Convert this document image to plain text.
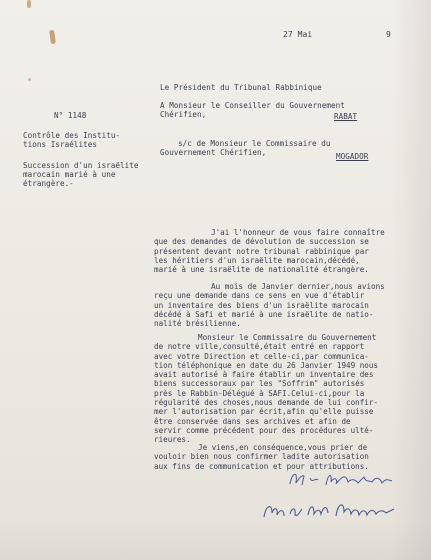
27 Mai	9
Le Président du Tribunal Rabbinique
A Monsieur le Conseiller du Gouvernement
Chérifien,	RABAT
s/c de Monsieur le Commissaire du
Gouvernement Chérifien,	MOGADOR
N° 1148
Contrôle des Institu-
tions Israélites
Succession d'un israëlite
marocain marié à une
étrangère.-
J'ai l'honneur de vous faire connaître
que des demandes de dévolution de succession se
présentent devant notre tribunal rabbinique par
les héritiers d'un israëlite marocain,décédé,
marié à une israëlite de nationalité étrangère.
Au mois de Janvier dernier,nous avions
reçu une demande dans ce sens en vue d'établir
un inventaire des biens d'un israëlite marocain
décédé à Safi et marié à une israëlite de natio-
nalité brésilienne.
Monsieur le Commissaire du Gouvernement
de notre ville,consulté,était entré en rapport
avec votre Direction et celle-ci,par communica-
tion téléphonique en date du 26 Janvier 1949 nous
avait autorisé à faire établir un inventaire des
biens successoraux par les "Soffrim" autorisés
près le Rabbin-Délégué à SAFI.Celui-ci,pour la
régularité des choses,nous demande de lui confir-
mer l'autorisation par écrit,afin qu'elle puisse
être conservée dans ses archives et afin de
servir comme précédent pour des procédures ulté-
rieures.
Je viens,en conséquence,vous prier de
vouloir bien nous confirmer ladite autorisation
aux fins de communication et pour attributions.
